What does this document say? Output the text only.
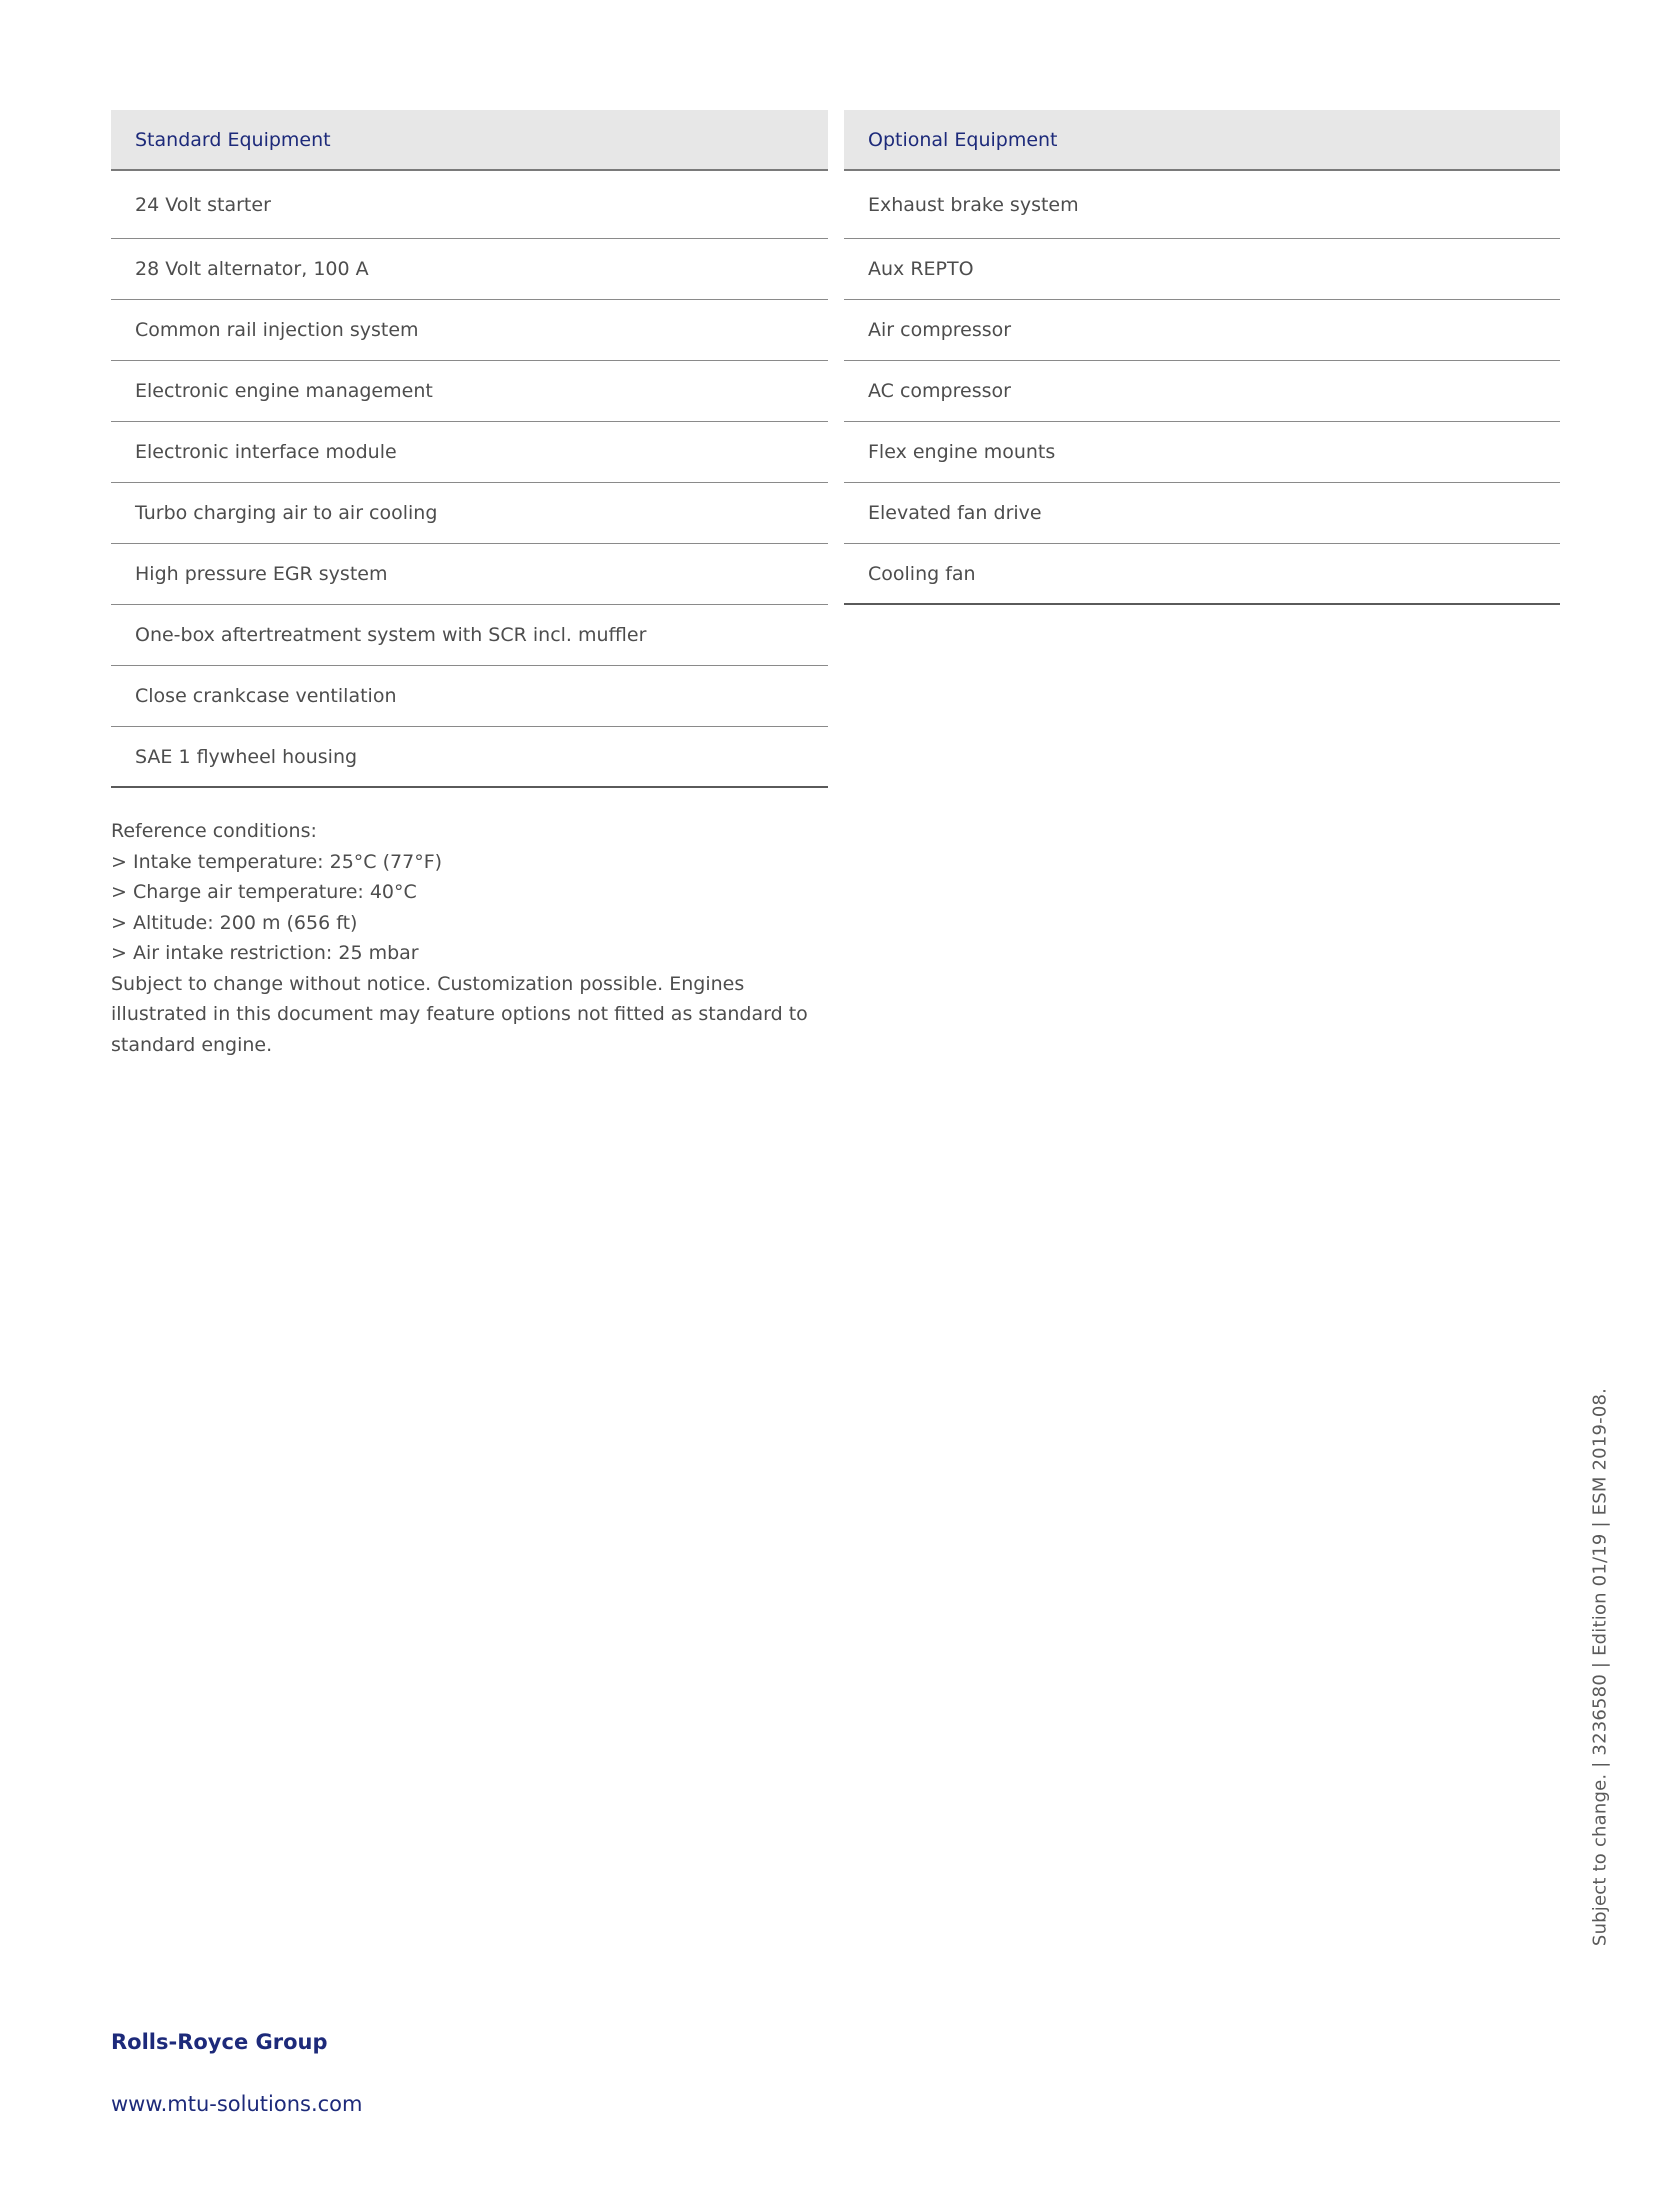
Standard Equipment
24 Volt starter
28 Volt alternator, 100 A
Common rail injection system
Electronic engine management
Electronic interface module
Turbo charging air to air cooling
High pressure EGR system
One-box aftertreatment system with SCR incl. muffler
Close crankcase ventilation
SAE 1 flywheel housing
Optional Equipment
Exhaust brake system
Aux REPTO
Air compressor
AC compressor
Flex engine mounts
Elevated fan drive
Cooling fan
Reference conditions:
> Intake temperature: 25°C (77°F)
> Charge air temperature: 40°C
> Altitude: 200 m (656 ft)
> Air intake restriction: 25 mbar
Subject to change without notice. Customization possible. Engines illustrated in this document may feature options not fitted as standard to standard engine.
Subject to change. | 3236580 | Edition 01/19 | ESM 2019-08.
Rolls-Royce Group
www.mtu-solutions.com
